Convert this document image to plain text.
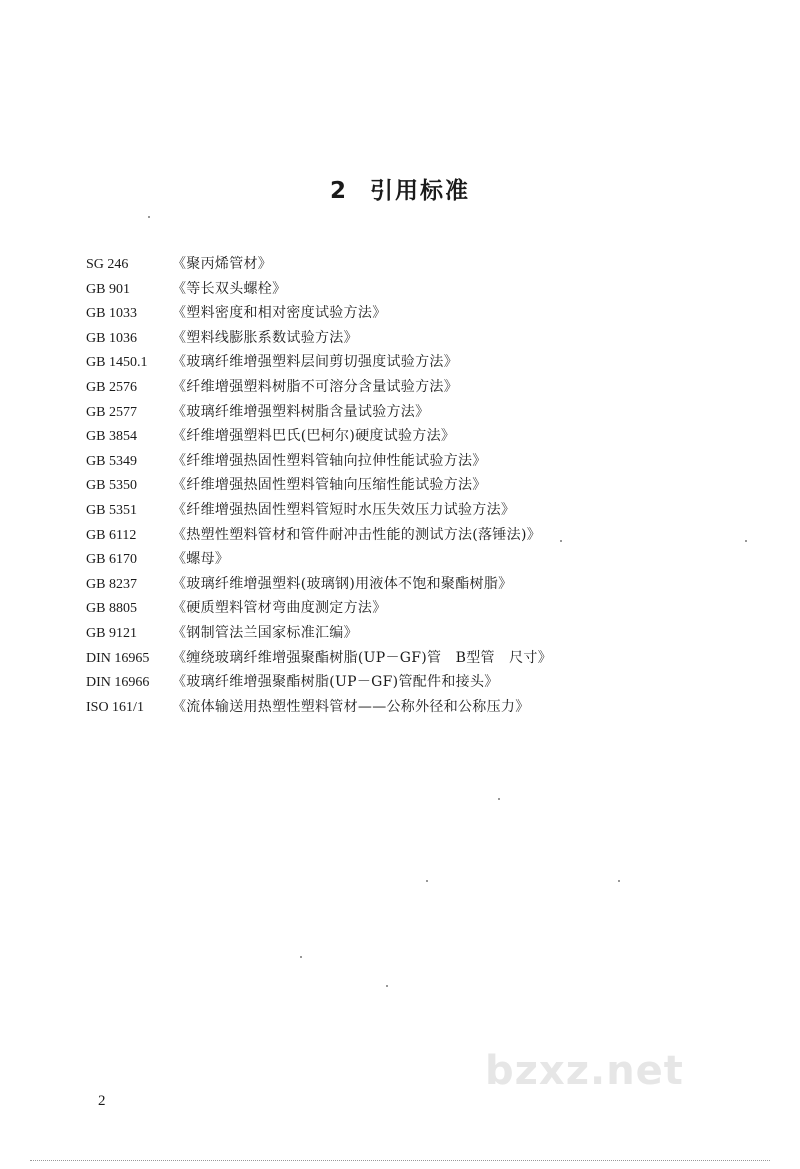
2 引用标准
SG 246	《聚丙烯管材》
GB 901	《等长双头螺栓》
GB 1033	《塑料密度和相对密度试验方法》
GB 1036	《塑料线膨胀系数试验方法》
GB 1450.1 《玻璃纤维增强塑料层间剪切强度试验方法》
GB 2576	《纤维增强塑料树脂不可溶分含量试验方法》
GB 2577	《玻璃纤维增强塑料树脂含量试验方法》
GB 3854	《纤维增强塑料巴氏(巴柯尔)硬度试验方法》
GB 5349	《纤维增强热固性塑料管轴向拉伸性能试验方法》
GB 5350	《纤维增强热固性塑料管轴向压缩性能试验方法》
GB 5351	《纤维增强热固性塑料管短时水压失效压力试验方法》
GB 6112	《热塑性塑料管材和管件耐冲击性能的测试方法(落锤法)》
GB 6170	《螺母》
GB 8237	《玻璃纤维增强塑料(玻璃钢)用液体不饱和聚酯树脂》
GB 8805	《硬质塑料管材弯曲度测定方法》
GB 9121	《钢制管法兰国家标准汇编》
DIN 16965 《缠绕玻璃纤维增强聚酯树脂(UP－GF)管　B型管　尺寸》
DIN 16966 《玻璃纤维增强聚酯树脂(UP－GF)管配件和接头》
ISO 161/1 《流体输送用热塑性塑料管材——公称外径和公称压力》
bzxz.net
2
